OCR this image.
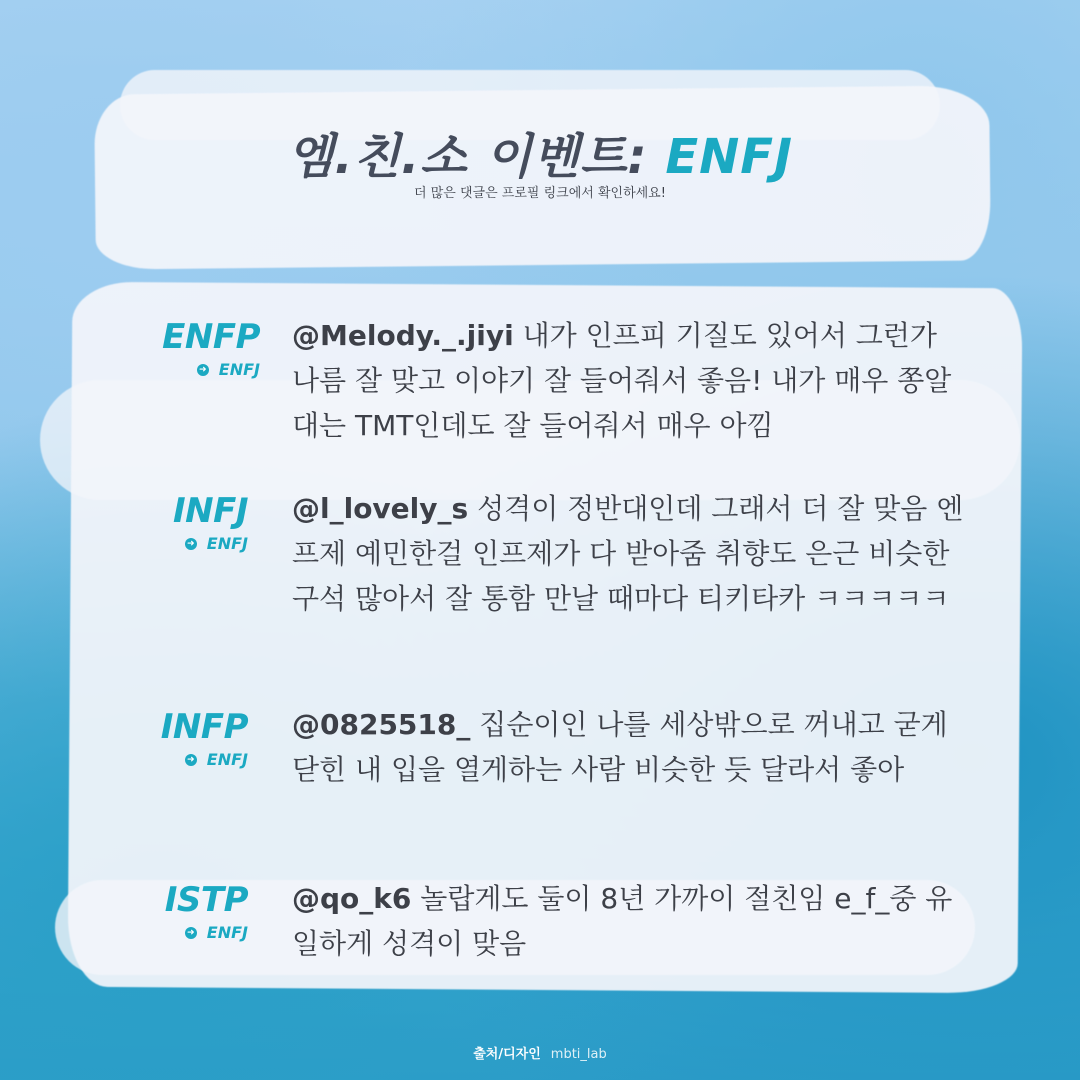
엠.친.소 이벤트: ENFJ
더 많은 댓글은 프로필 링크에서 확인하세요!
ENFP
➜ ENFJ
@Melody._.jiyi 내가 인프피 기질도 있어서 그런가 나름 잘 맞고 이야기 잘 들어줘서 좋음! 내가 매우 쫑알대는 TMT인데도 잘 들어줘서 매우 아낌
INFJ
➜ ENFJ
@l_lovely_s 성격이 정반대인데 그래서 더 잘 맞음 엔프제 예민한걸 인프제가 다 받아줌 취향도 은근 비슷한 구석 많아서 잘 통함 만날 때마다 티키타카 ㅋㅋㅋㅋㅋ
INFP
➜ ENFJ
@0825518_ 집순이인 나를 세상밖으로 꺼내고 굳게 닫힌 내 입을 열게하는 사람 비슷한 듯 달라서 좋아
ISTP
➜ ENFJ
@qo_k6 놀랍게도 둘이 8년 가까이 절친임 e_f_중 유일하게 성격이 맞음
출처/디자인 mbti_lab
